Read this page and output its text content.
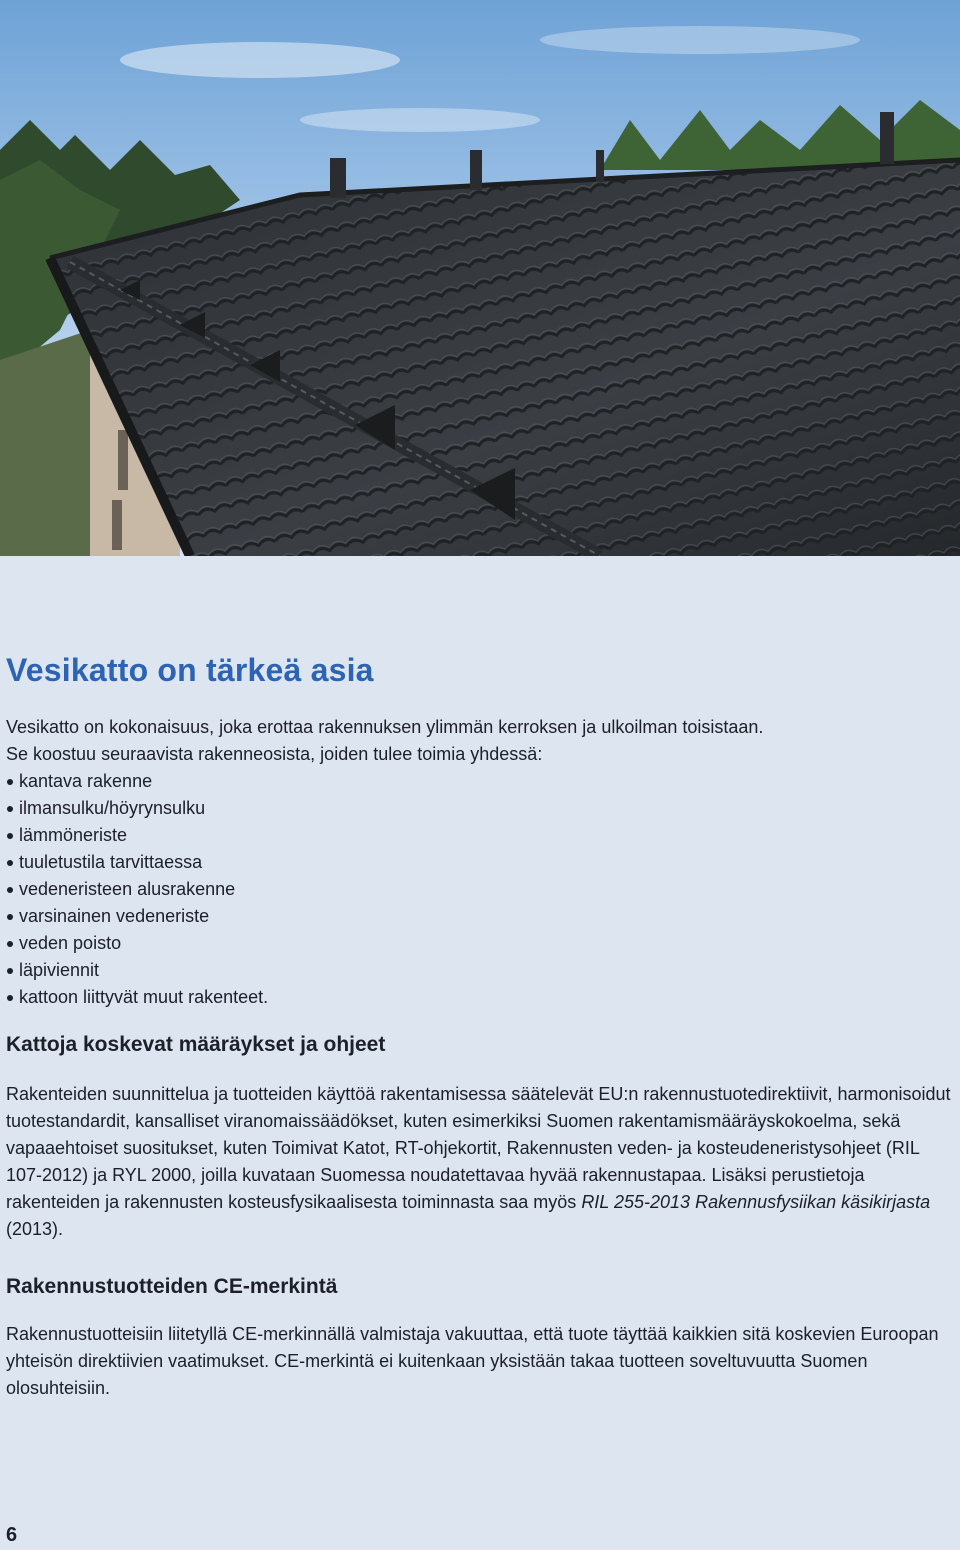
Vesikatto on tärkeä asia

Vesikatto on kokonaisuus, joka erottaa rakennuksen ylimmän kerroksen ja ulkoilman toisistaan.

Se koostuu seuraavista rakenneosista, joiden tulee toimia yhdessä:

kantava rakenne
ilmansulku/höyrynsulku
lämmöneriste
tuuletustila tarvittaessa
vedeneristeen alusrakenne
varsinainen vedeneriste
veden poisto
läpiviennit
kattoon liittyvät muut rakenteet.
Kattoja koskevat määräykset ja ohjeet

Rakenteiden suunnittelua ja tuotteiden käyttöä rakentamisessa säätelevät EU:n rakennustuotedirektiivit, harmonisoidut tuotestandardit, kansalliset viranomaissäädökset, kuten esimerkiksi Suomen rakentamismääräyskokoelma, sekä vapaaehtoiset suositukset, kuten Toimivat Katot, RT-ohjekortit, Rakennusten veden- ja kosteudeneristysohjeet (RIL 107-2012) ja RYL 2000, joilla kuvataan Suomessa noudatettavaa hyvää rakennustapaa. Lisäksi perustietoja rakenteiden ja rakennusten kosteusfysikaalisesta toiminnasta saa myös RIL 255-2013 Rakennusfysiikan käsikirjasta (2013).

Rakennustuotteiden CE-merkintä

Rakennustuotteisiin liitetyllä CE-merkinnällä valmistaja vakuuttaa, että tuote täyttää kaikkien sitä koskevien Euroopan yhteisön direktiivien vaatimukset. CE-merkintä ei kuitenkaan yksistään takaa tuotteen soveltuvuutta Suomen olosuhteisiin.

6
